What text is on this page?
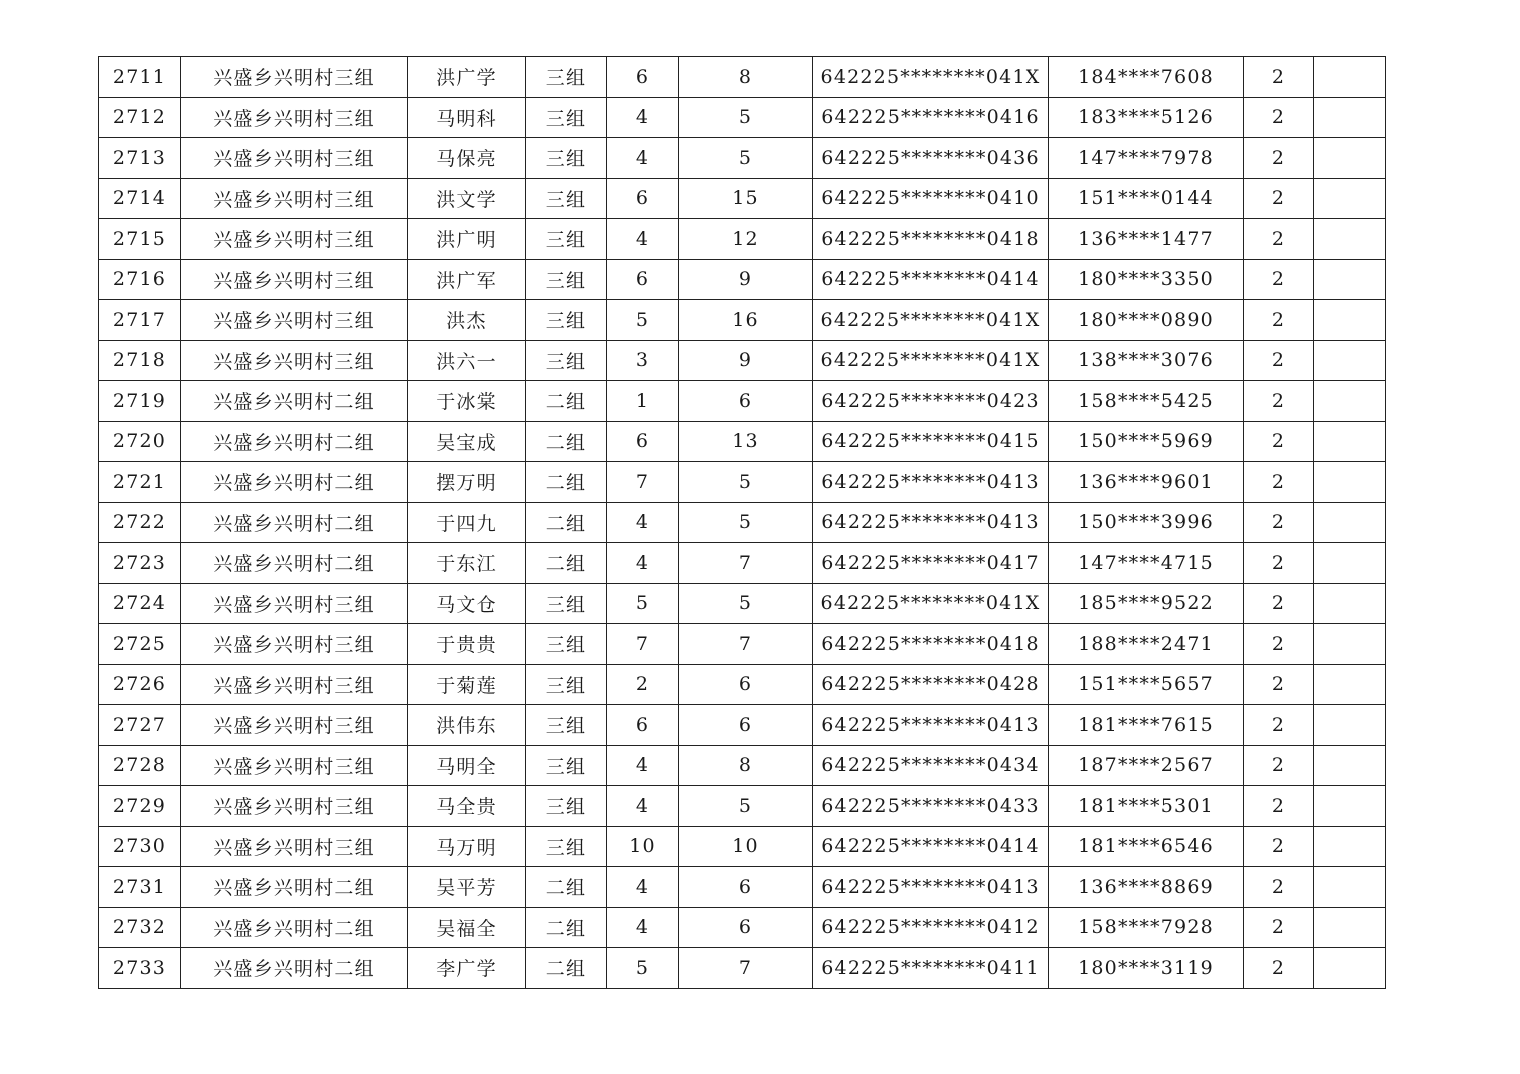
2711	兴盛乡兴明村三组	洪广学	三组	6	8	642225********041X	184****7608	2	
2712	兴盛乡兴明村三组	马明科	三组	4	5	642225********0416	183****5126	2	
2713	兴盛乡兴明村三组	马保亮	三组	4	5	642225********0436	147****7978	2	
2714	兴盛乡兴明村三组	洪文学	三组	6	15	642225********0410	151****0144	2	
2715	兴盛乡兴明村三组	洪广明	三组	4	12	642225********0418	136****1477	2	
2716	兴盛乡兴明村三组	洪广军	三组	6	9	642225********0414	180****3350	2	
2717	兴盛乡兴明村三组	洪杰	三组	5	16	642225********041X	180****0890	2	
2718	兴盛乡兴明村三组	洪六一	三组	3	9	642225********041X	138****3076	2	
2719	兴盛乡兴明村二组	于冰棠	二组	1	6	642225********0423	158****5425	2	
2720	兴盛乡兴明村二组	吴宝成	二组	6	13	642225********0415	150****5969	2	
2721	兴盛乡兴明村二组	摆万明	二组	7	5	642225********0413	136****9601	2	
2722	兴盛乡兴明村二组	于四九	二组	4	5	642225********0413	150****3996	2	
2723	兴盛乡兴明村二组	于东江	二组	4	7	642225********0417	147****4715	2	
2724	兴盛乡兴明村三组	马文仓	三组	5	5	642225********041X	185****9522	2	
2725	兴盛乡兴明村三组	于贵贵	三组	7	7	642225********0418	188****2471	2	
2726	兴盛乡兴明村三组	于菊莲	三组	2	6	642225********0428	151****5657	2	
2727	兴盛乡兴明村三组	洪伟东	三组	6	6	642225********0413	181****7615	2	
2728	兴盛乡兴明村三组	马明全	三组	4	8	642225********0434	187****2567	2	
2729	兴盛乡兴明村三组	马全贵	三组	4	5	642225********0433	181****5301	2	
2730	兴盛乡兴明村三组	马万明	三组	10	10	642225********0414	181****6546	2	
2731	兴盛乡兴明村二组	吴平芳	二组	4	6	642225********0413	136****8869	2	
2732	兴盛乡兴明村二组	吴福全	二组	4	6	642225********0412	158****7928	2	
2733	兴盛乡兴明村二组	李广学	二组	5	7	642225********0411	180****3119	2	
